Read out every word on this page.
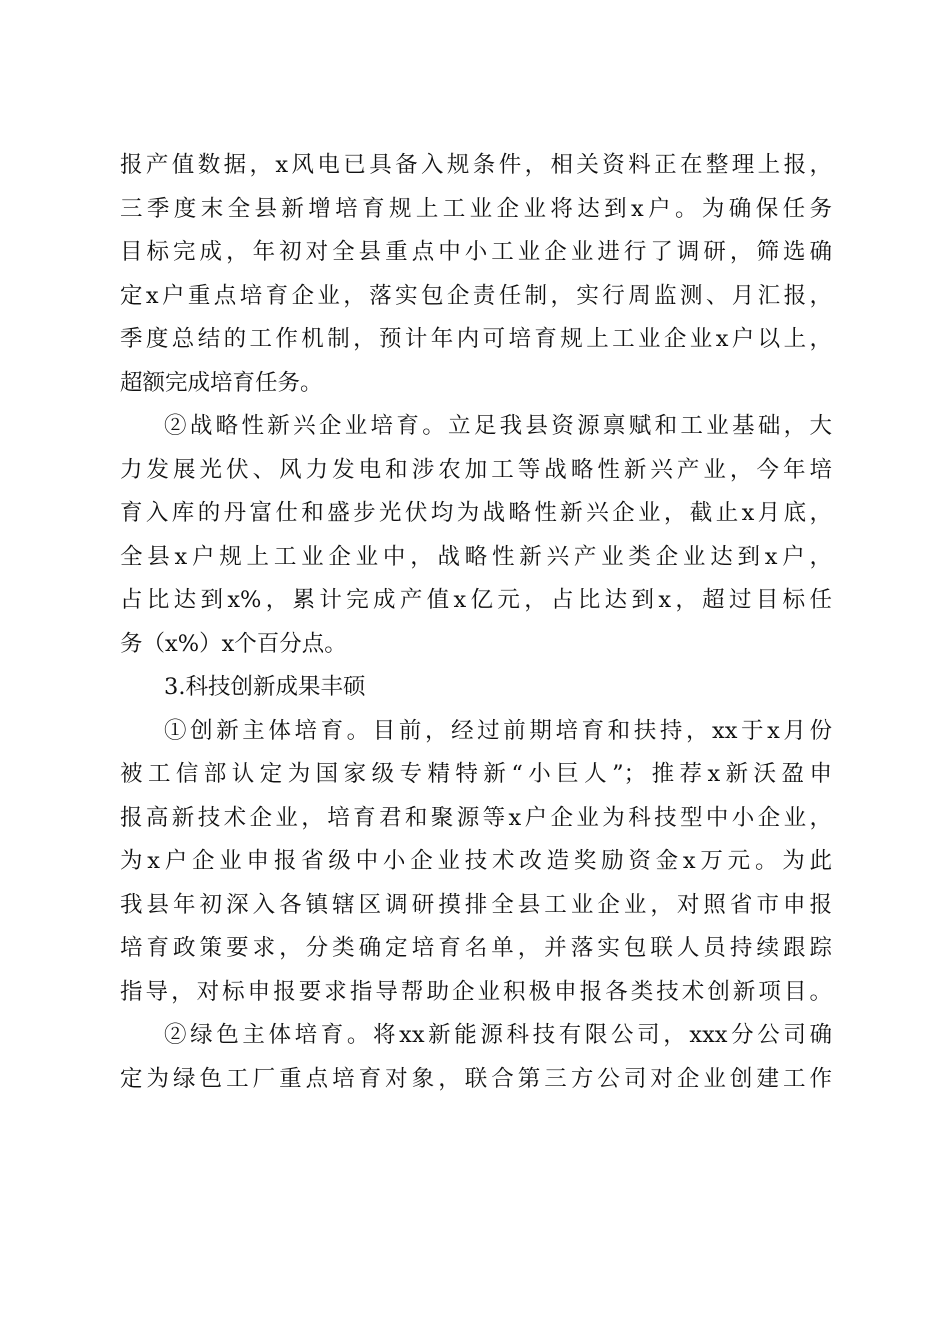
报产值数据，x风电已具备入规条件，相关资料正在整理上报，
三季度末全县新增培育规上工业企业将达到x户。为确保任务
目标完成，年初对全县重点中小工业企业进行了调研，筛选确
定x户重点培育企业，落实包企责任制，实行周监测、月汇报，
季度总结的工作机制，预计年内可培育规上工业企业x户以上，
超额完成培育任务。
②战略性新兴企业培育。立足我县资源禀赋和工业基础，大
力发展光伏、风力发电和涉农加工等战略性新兴产业，今年培
育入库的丹富仕和盛步光伏均为战略性新兴企业，截止x月底，
全县x户规上工业企业中，战略性新兴产业类企业达到x户，
占比达到x%，累计完成产值x亿元，占比达到x，超过目标任
务（x%）x个百分点。
3.科技创新成果丰硕
①创新主体培育。目前，经过前期培育和扶持，xx于x月份
被工信部认定为国家级专精特新“小巨人”；推荐x新沃盈申
报高新技术企业，培育君和聚源等x户企业为科技型中小企业，
为x户企业申报省级中小企业技术改造奖励资金x万元。为此
我县年初深入各镇辖区调研摸排全县工业企业，对照省市申报
培育政策要求，分类确定培育名单，并落实包联人员持续跟踪
指导，对标申报要求指导帮助企业积极申报各类技术创新项目。
②绿色主体培育。将xx新能源科技有限公司，xxx分公司确
定为绿色工厂重点培育对象，联合第三方公司对企业创建工作
